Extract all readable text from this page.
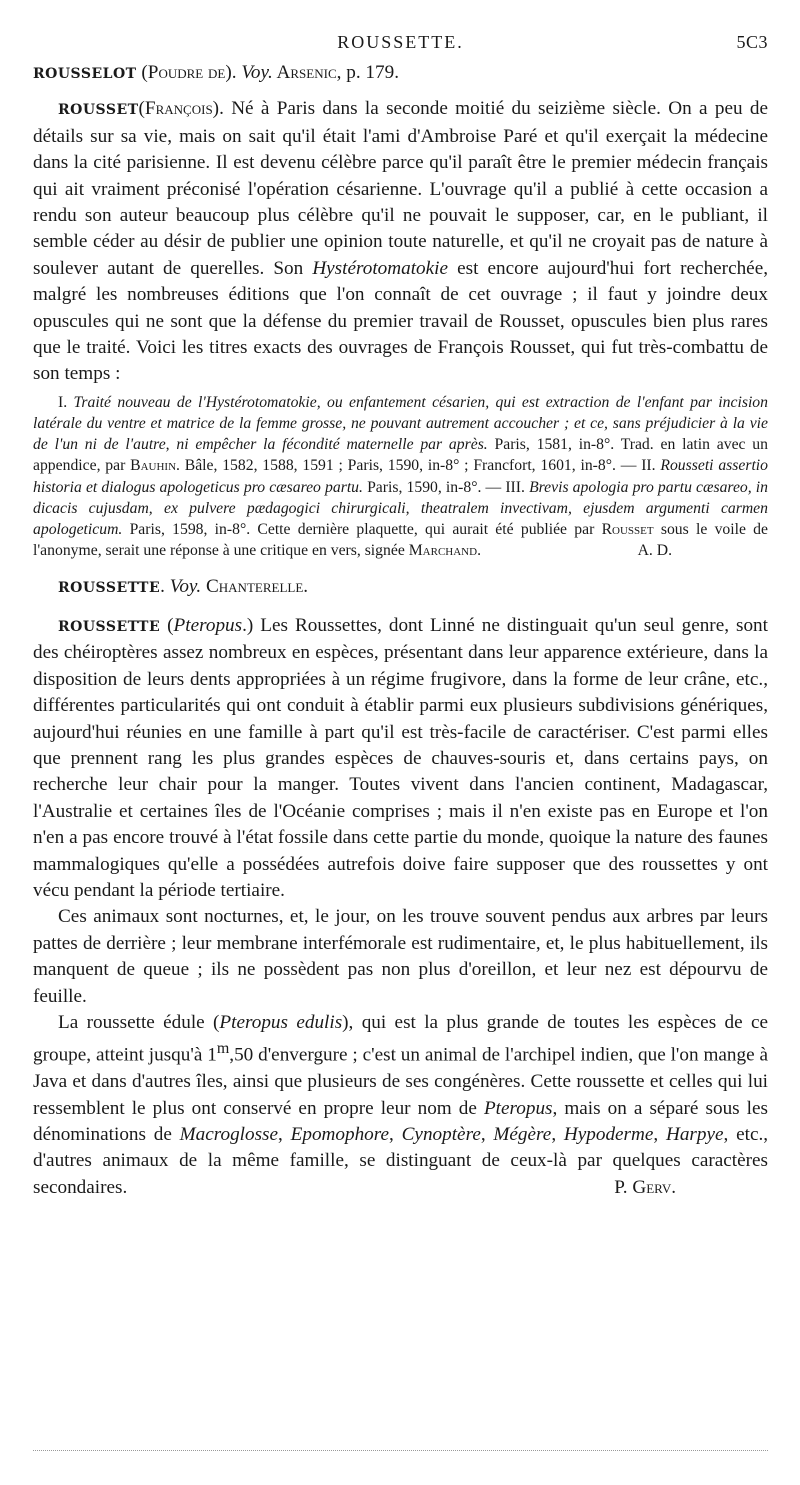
ROUSSETTE.	5C3

ROUSSELOT (Poudre de). Voy. Arsenic, p. 179.

ROUSSET(François). Né à Paris dans la seconde moitié du seizième siècle. On a peu de détails sur sa vie, mais on sait qu'il était l'ami d'Ambroise Paré et qu'il exerçait la médecine dans la cité parisienne. Il est devenu célèbre parce qu'il paraît être le premier médecin français qui ait vraiment préconisé l'opération césarienne. L'ouvrage qu'il a publié à cette occasion a rendu son auteur beaucoup plus célèbre qu'il ne pouvait le supposer, car, en le publiant, il semble céder au désir de publier une opinion toute naturelle, et qu'il ne croyait pas de nature à soulever autant de querelles. Son Hystérotomatokie est encore aujourd'hui fort recherchée, malgré les nombreuses éditions que l'on connaît de cet ouvrage ; il faut y joindre deux opuscules qui ne sont que la défense du premier travail de Rousset, opuscules bien plus rares que le traité. Voici les titres exacts des ouvrages de François Rousset, qui fut très-combattu de son temps :

I. Traité nouveau de l'Hystérotomatokie, ou enfantement césarien, qui est extraction de l'enfant par incision latérale du ventre et matrice de la femme grosse, ne pouvant autrement accoucher ; et ce, sans préjudicier à la vie de l'un ni de l'autre, ni empêcher la fécondité maternelle par après. Paris, 1581, in-8°. Trad. en latin avec un appendice, par Bauhin. Bâle, 1582, 1588, 1591 ; Paris, 1590, in-8° ; Francfort, 1601, in-8°. — II. Rousseti assertio historia et dialogus apologeticus pro cæsareo partu. Paris, 1590, in-8°. — III. Brevis apologia pro partu cæsareo, in dicacis cujusdam, ex pulvere pædagogici chirurgicali, theatralem invectivam, ejusdem argumenti carmen apologeticum. Paris, 1598, in-8°. Cette dernière plaquette, qui aurait été publiée par Rousset sous le voile de l'anonyme, serait une réponse à une critique en vers, signée Marchand.	A. D.

ROUSSETTE. Voy. Chanterelle.

ROUSSETTE (Pteropus.) Les Roussettes, dont Linné ne distinguait qu'un seul genre, sont des chéiroptères assez nombreux en espèces, présentant dans leur apparence extérieure, dans la disposition de leurs dents appropriées à un régime frugivore, dans la forme de leur crâne, etc., différentes particularités qui ont conduit à établir parmi eux plusieurs subdivisions génériques, aujourd'hui réunies en une famille à part qu'il est très-facile de caractériser. C'est parmi elles que prennent rang les plus grandes espèces de chauves-souris et, dans certains pays, on recherche leur chair pour la manger. Toutes vivent dans l'ancien continent, Madagascar, l'Australie et certaines îles de l'Océanie comprises ; mais il n'en existe pas en Europe et l'on n'en a pas encore trouvé à l'état fossile dans cette partie du monde, quoique la nature des faunes mammalogiques qu'elle a possédées autrefois doive faire supposer que des roussettes y ont vécu pendant la période tertiaire.

Ces animaux sont nocturnes, et, le jour, on les trouve souvent pendus aux arbres par leurs pattes de derrière ; leur membrane interfémorale est rudimentaire, et, le plus habituellement, ils manquent de queue ; ils ne possèdent pas non plus d'oreillon, et leur nez est dépourvu de feuille.

La roussette édule (Pteropus edulis), qui est la plus grande de toutes les espèces de ce groupe, atteint jusqu'à 1$^m$,50 d'envergure ; c'est un animal de l'archipel indien, que l'on mange à Java et dans d'autres îles, ainsi que plusieurs de ses congénères. Cette roussette et celles qui lui ressemblent le plus ont conservé en propre leur nom de Pteropus, mais on a séparé sous les dénominations de Macroglosse, Epomophore, Cynoptère, Mégère, Hypoderme, Harpye, etc., d'autres animaux de la même famille, se distinguant de ceux-là par quelques caractères secondaires.	P. Gerv.
